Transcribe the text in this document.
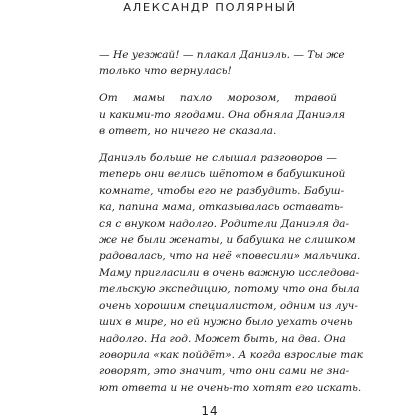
АЛЕКСАНДР ПОЛЯРНЫЙ

— Не уезжай! — плакал Даниэль. — Ты же
только что вернулась!

От мамы пахло морозом, травой
и какими-то ягодами. Она обняла Даниэля
в ответ, но ничего не сказала.

Даниэль больше не слышал разговоров —
теперь они велись шёпотом в бабушкиной
комнате, чтобы его не разбудить. Бабуш-
ка, папина мама, отказывалась оставать-
ся с внуком надолго. Родители Даниэля да-
же не были женаты, и бабушка не слишком
радовалась, что на неё «повесили» мальчика.
Маму пригласили в очень важную исследова-
тельскую экспедицию, потому что она была
очень хорошим специалистом, одним из луч-
ших в мире, но ей нужно было уехать очень
надолго. На год. Может быть, на два. Она
говорила «как пойдёт». А когда взрослые так
говорят, это значит, что они сами не зна-
ют ответа и не очень-то хотят его искать.

14
